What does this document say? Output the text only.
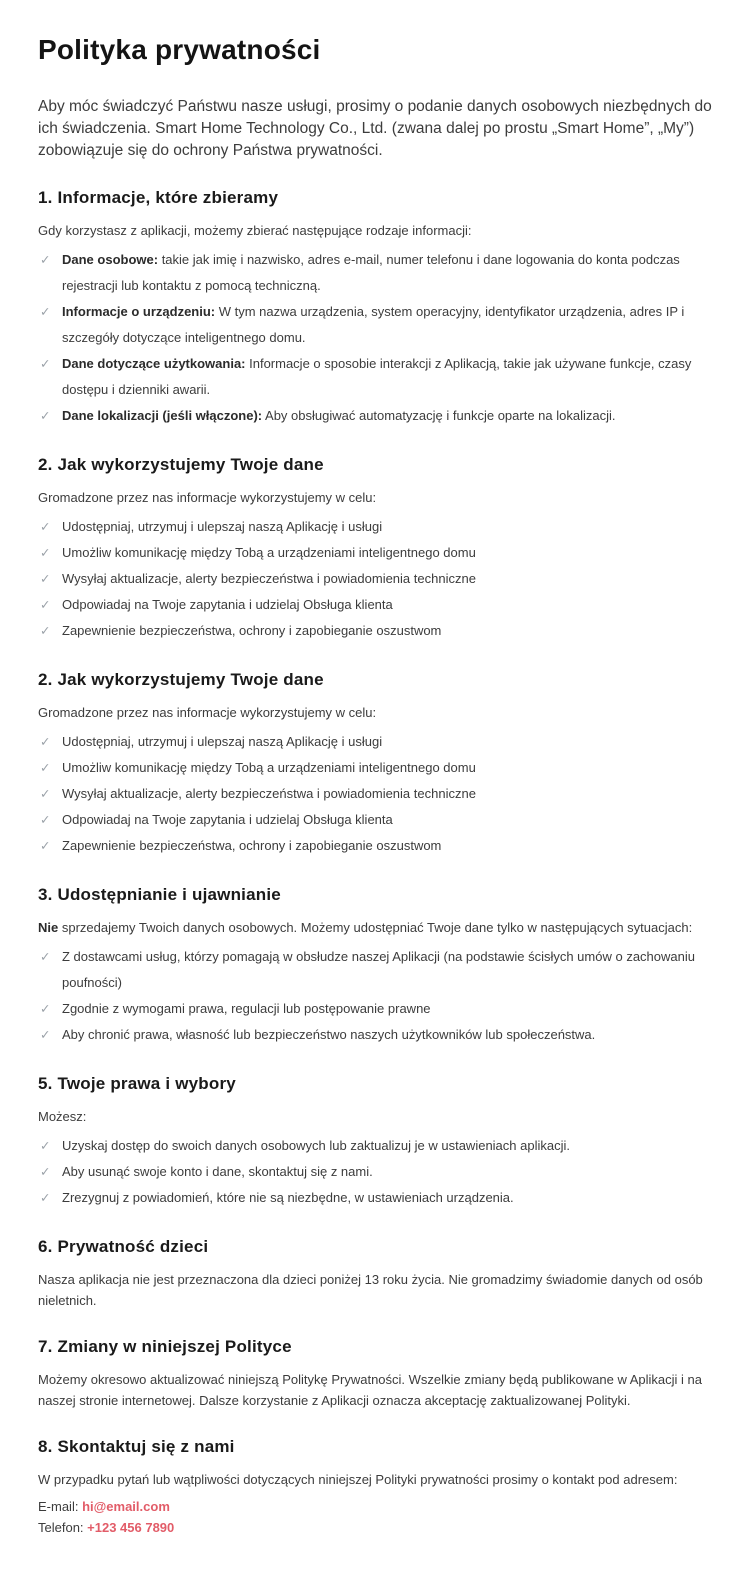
Polityka prywatności

Aby móc świadczyć Państwu nasze usługi, prosimy o podanie danych osobowych niezbędnych do ich świadczenia. Smart Home Technology Co., Ltd. (zwana dalej po prostu „Smart Home”, „My”) zobowiązuje się do ochrony Państwa prywatności.

1. Informacje, które zbieramy

Gdy korzystasz z aplikacji, możemy zbierać następujące rodzaje informacji:

✓ Dane osobowe: takie jak imię i nazwisko, adres e-mail, numer telefonu i dane logowania do konta podczas rejestracji lub kontaktu z pomocą techniczną.
✓ Informacje o urządzeniu: W tym nazwa urządzenia, system operacyjny, identyfikator urządzenia, adres IP i szczegóły dotyczące inteligentnego domu.
✓ Dane dotyczące użytkowania: Informacje o sposobie interakcji z Aplikacją, takie jak używane funkcje, czasy dostępu i dzienniki awarii.
✓ Dane lokalizacji (jeśli włączone): Aby obsługiwać automatyzację i funkcje oparte na lokalizacji.
2. Jak wykorzystujemy Twoje dane

Gromadzone przez nas informacje wykorzystujemy w celu:

✓ Udostępniaj, utrzymuj i ulepszaj naszą Aplikację i usługi
✓ Umożliw komunikację między Tobą a urządzeniami inteligentnego domu
✓ Wysyłaj aktualizacje, alerty bezpieczeństwa i powiadomienia techniczne
✓ Odpowiadaj na Twoje zapytania i udzielaj Obsługa klienta
✓ Zapewnienie bezpieczeństwa, ochrony i zapobieganie oszustwom
2. Jak wykorzystujemy Twoje dane

Gromadzone przez nas informacje wykorzystujemy w celu:

✓ Udostępniaj, utrzymuj i ulepszaj naszą Aplikację i usługi
✓ Umożliw komunikację między Tobą a urządzeniami inteligentnego domu
✓ Wysyłaj aktualizacje, alerty bezpieczeństwa i powiadomienia techniczne
✓ Odpowiadaj na Twoje zapytania i udzielaj Obsługa klienta
✓ Zapewnienie bezpieczeństwa, ochrony i zapobieganie oszustwom
3. Udostępnianie i ujawnianie

Nie sprzedajemy Twoich danych osobowych. Możemy udostępniać Twoje dane tylko w następujących sytuacjach:

✓ Z dostawcami usług, którzy pomagają w obsłudze naszej Aplikacji (na podstawie ścisłych umów o zachowaniu poufności)
✓ Zgodnie z wymogami prawa, regulacji lub postępowanie prawne
✓ Aby chronić prawa, własność lub bezpieczeństwo naszych użytkowników lub społeczeństwa.
5. Twoje prawa i wybory

Możesz:

✓ Uzyskaj dostęp do swoich danych osobowych lub zaktualizuj je w ustawieniach aplikacji.
✓ Aby usunąć swoje konto i dane, skontaktuj się z nami.
✓ Zrezygnuj z powiadomień, które nie są niezbędne, w ustawieniach urządzenia.
6. Prywatność dzieci

Nasza aplikacja nie jest przeznaczona dla dzieci poniżej 13 roku życia. Nie gromadzimy świadomie danych od osób nieletnich.

7. Zmiany w niniejszej Polityce

Możemy okresowo aktualizować niniejszą Politykę Prywatności. Wszelkie zmiany będą publikowane w Aplikacji i na naszej stronie internetowej. Dalsze korzystanie z Aplikacji oznacza akceptację zaktualizowanej Polityki.

8. Skontaktuj się z nami

W przypadku pytań lub wątpliwości dotyczących niniejszej Polityki prywatności prosimy o kontakt pod adresem:

E-mail: hi@email.com

Telefon: +123 456 7890
